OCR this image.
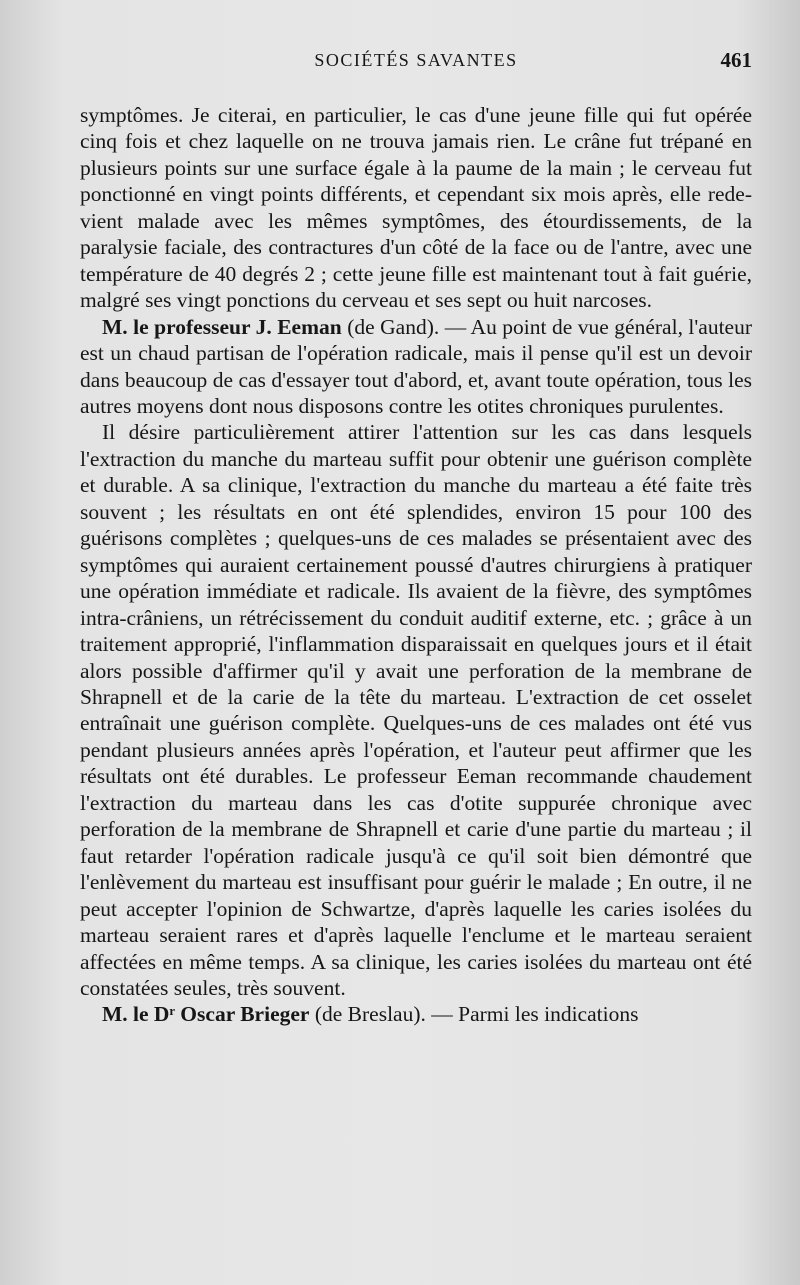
SOCIÉTÉS SAVANTES	461

symptômes. Je citerai, en particulier, le cas d'une jeune fille qui fut opérée cinq fois et chez laquelle on ne trouva jamais rien. Le crâne fut trépané en plusieurs points sur une surface égale à la paume de la main ; le cerveau fut ponctionné en vingt points différents, et cependant six mois après, elle redevient malade avec les mêmes symptômes, des étourdissements, de la paralysie faciale, des contractures d'un côté de la face ou de l'antre, avec une température de 40 degrés 2 ; cette jeune fille est maintenant tout à fait guérie, malgré ses vingt ponctions du cerveau et ses sept ou huit narcoses.

M. le professeur J. Eeman (de Gand). — Au point de vue général, l'auteur est un chaud partisan de l'opération radicale, mais il pense qu'il est un devoir dans beaucoup de cas d'essayer tout d'abord, et, avant toute opération, tous les autres moyens dont nous disposons contre les otites chroniques purulentes.

Il désire particulièrement attirer l'attention sur les cas dans lesquels l'extraction du manche du marteau suffit pour obtenir une guérison complète et durable. A sa clinique, l'extraction du manche du marteau a été faite très souvent ; les résultats en ont été splendides, environ 15 pour 100 des guérisons complètes ; quelques-uns de ces malades se présentaient avec des symptômes qui auraient certainement poussé d'autres chirurgiens à pratiquer une opération immédiate et radicale. Ils avaient de la fièvre, des symptômes intra-crâniens, un rétrécissement du conduit auditif externe, etc. ; grâce à un traitement approprié, l'inflammation disparaissait en quelques jours et il était alors possible d'affirmer qu'il y avait une perforation de la membrane de Shrapnell et de la carie de la tête du marteau. L'extraction de cet osselet entraînait une guérison complète. Quelques-uns de ces malades ont été vus pendant plusieurs années après l'opération, et l'auteur peut affirmer que les résultats ont été durables. Le professeur Eeman recommande chaudement l'extraction du marteau dans les cas d'otite suppurée chronique avec perforation de la membrane de Shrapnell et carie d'une partie du marteau ; il faut retarder l'opération radicale jusqu'à ce qu'il soit bien démontré que l'enlèvement du marteau est insuffisant pour guérir le malade ; En outre, il ne peut accepter l'opinion de Schwartze, d'après laquelle les caries isolées du marteau seraient rares et d'après laquelle l'enclume et le marteau seraient affectées en même temps. A sa clinique, les caries isolées du marteau ont été constatées seules, très souvent.

M. le Dʳ Oscar Brieger (de Breslau). — Parmi les indications
